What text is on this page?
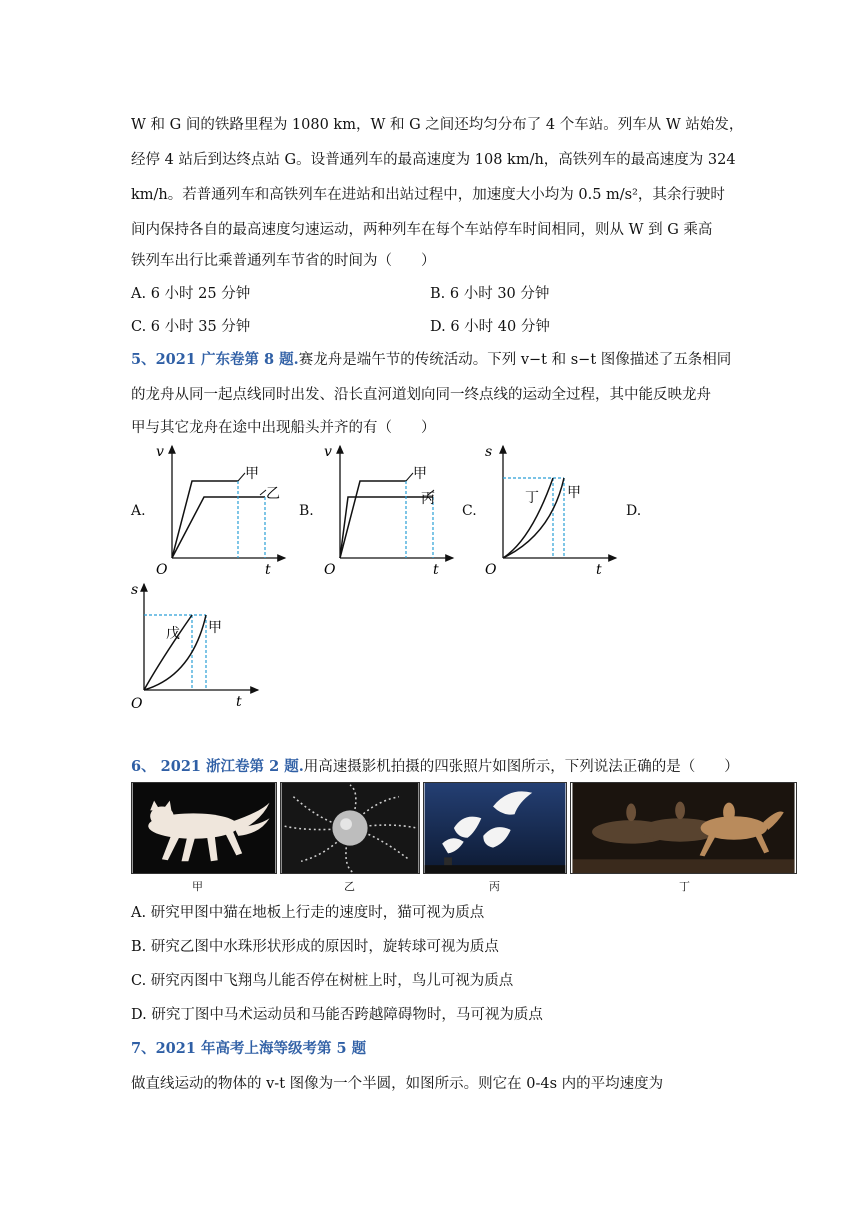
W 和 G 间的铁路里程为 1080 km，W 和 G 之间还均匀分布了 4 个车站。列车从 W 站始发，
经停 4 站后到达终点站 G。设普通列车的最高速度为 108 km/h，高铁列车的最高速度为 324
km/h。若普通列车和高铁列车在进站和出站过程中，加速度大小均为 0.5 m/s²，其余行驶时
间内保持各自的最高速度匀速运动，两种列车在每个车站停车时间相同，则从 W 到 G 乘高
铁列车出行比乘普通列车节省的时间为（　　）
A. 6 小时 25 分钟	B. 6 小时 30 分钟
C. 6 小时 35 分钟	D. 6 小时 40 分钟
5、2021 广东卷第 8 题.赛龙舟是端午节的传统活动。下列 v−t 和 s−t 图像描述了五条相同
的龙舟从同一起点线同时出发、沿长直河道划向同一终点线的运动全过程，其中能反映龙舟
甲与其它龙舟在途中出现船头并齐的有（　　）
A.	B.	C.	D.
v
t
O
甲
乙
v
t
O
甲
丙
s
t
O
丁 甲
s
t
O
戊 甲
6、 2021 浙江卷第 2 题.用高速摄影机拍摄的四张照片如图所示，下列说法正确的是（　　）
甲	乙	丙	丁
A. 研究甲图中猫在地板上行走的速度时，猫可视为质点
B. 研究乙图中水珠形状形成的原因时，旋转球可视为质点
C. 研究丙图中飞翔鸟儿能否停在树桩上时，鸟儿可视为质点
D. 研究丁图中马术运动员和马能否跨越障碍物时，马可视为质点
7、2021 年高考上海等级考第 5 题
做直线运动的物体的 v-t 图像为一个半圆，如图所示。则它在 0-4s 内的平均速度为
